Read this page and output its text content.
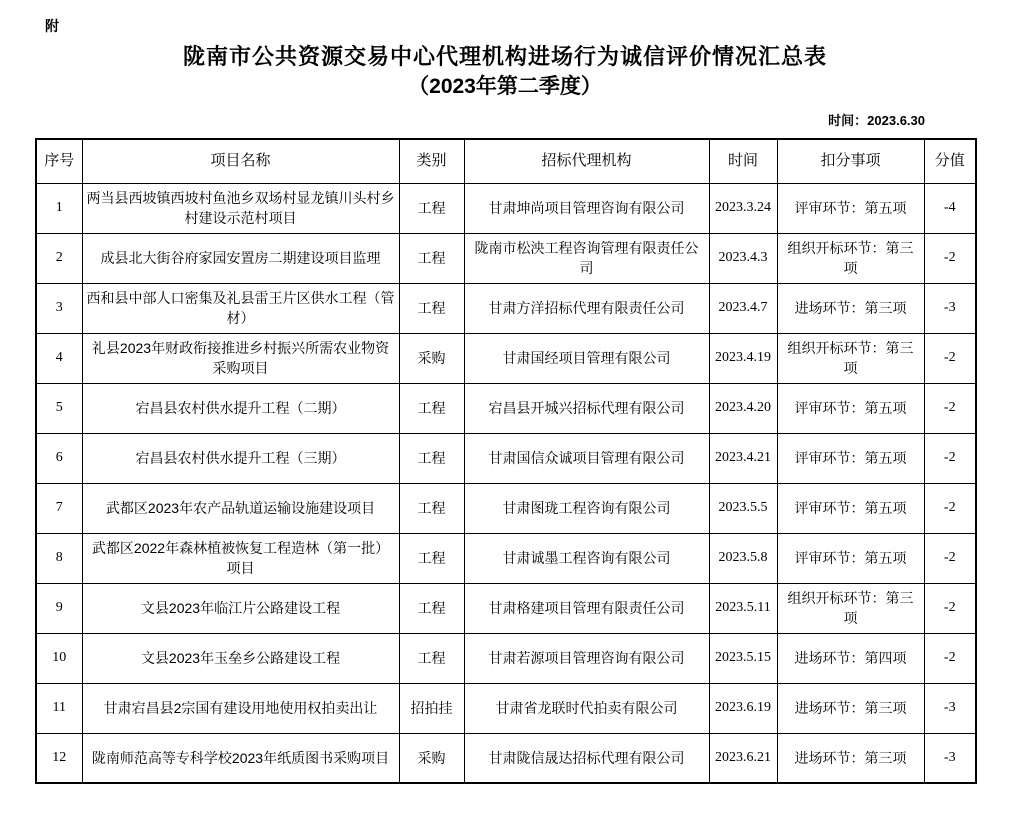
附
陇南市公共资源交易中心代理机构进场行为诚信评价情况汇总表
（2023年第二季度）
时间：2023.6.30
序号	项目名称	类别	招标代理机构	时间	扣分事项	分值
1	两当县西坡镇西坡村鱼池乡双场村显龙镇川头村乡村建设示范村项目	工程	甘肃坤尚项目管理咨询有限公司	2023.3.24	评审环节：第五项	-4
2	成县北大街谷府家园安置房二期建设项目监理	工程	陇南市松泱工程咨询管理有限责任公司	2023.4.3	组织开标环节：第三项	-2
3	西和县中部人口密集及礼县雷王片区供水工程（管材）	工程	甘肃方洋招标代理有限责任公司	2023.4.7	进场环节：第三项	-3
4	礼县2023年财政衔接推进乡村振兴所需农业物资采购项目	采购	甘肃国经项目管理有限公司	2023.4.19	组织开标环节：第三项	-2
5	宕昌县农村供水提升工程（二期）	工程	宕昌县开城兴招标代理有限公司	2023.4.20	评审环节：第五项	-2
6	宕昌县农村供水提升工程（三期）	工程	甘肃国信众诚项目管理有限公司	2023.4.21	评审环节：第五项	-2
7	武都区2023年农产品轨道运输设施建设项目	工程	甘肃图珑工程咨询有限公司	2023.5.5	评审环节：第五项	-2
8	武都区2022年森林植被恢复工程造林（第一批）项目	工程	甘肃诚墨工程咨询有限公司	2023.5.8	评审环节：第五项	-2
9	文县2023年临江片公路建设工程	工程	甘肃格建项目管理有限责任公司	2023.5.11	组织开标环节：第三项	-2
10	文县2023年玉垒乡公路建设工程	工程	甘肃若源项目管理咨询有限公司	2023.5.15	进场环节：第四项	-2
11	甘肃宕昌县2宗国有建设用地使用权拍卖出让	招拍挂	甘肃省龙联时代拍卖有限公司	2023.6.19	进场环节：第三项	-3
12	陇南师范高等专科学校2023年纸质图书采购项目	采购	甘肃陇信晟达招标代理有限公司	2023.6.21	进场环节：第三项	-3
